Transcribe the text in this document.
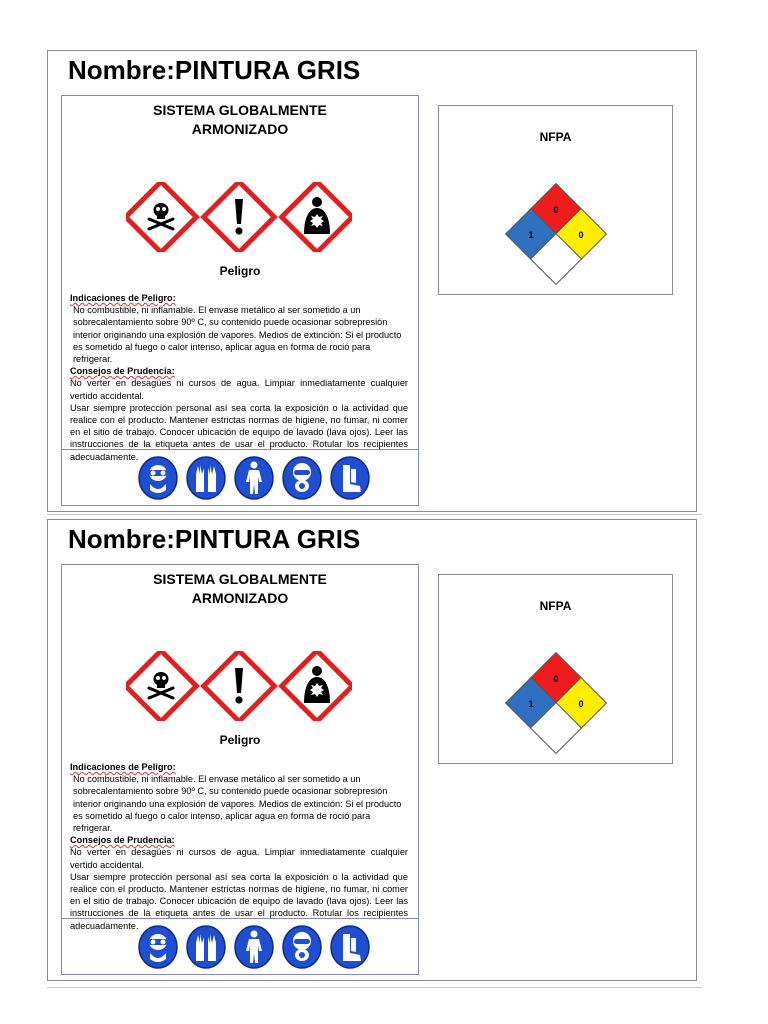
Nombre:PINTURA GRIS
SISTEMA GLOBALMENTE
ARMONIZADO
Peligro

Indicaciones de Peligro:

No combustible, ni inflamable. El envase metálico al ser sometido a un sobrecalentamiento sobre 90º C, su contenido puede ocasionar sobrepresión interior originando una explosión de vapores. Medios de extinción: Si el producto es sometido al fuego o calor intenso, aplicar agua en forma de roció para refrigerar.

Consejos de Prudencia:

No verter en desagües ni cursos de agua. Limpiar inmediatamente cualquier vertido accidental.

Usar siempre protección personal así sea corta la exposición o la actividad que realice con el producto. Mantener estrictas normas de higiene, no fumar, ni comer en el sitio de trabajo. Conocer ubicación de equipo de lavado (lava ojos). Leer las instrucciones de la etiqueta antes de usar el producto. Rotular los recipientes adecuadamente.

NFPA
0
1	0
Nombre:PINTURA GRIS
SISTEMA GLOBALMENTE
ARMONIZADO
Peligro

Indicaciones de Peligro:

No combustible, ni inflamable. El envase metálico al ser sometido a un sobrecalentamiento sobre 90º C, su contenido puede ocasionar sobrepresión interior originando una explosión de vapores. Medios de extinción: Si el producto es sometido al fuego o calor intenso, aplicar agua en forma de roció para refrigerar.

Consejos de Prudencia:

No verter en desagües ni cursos de agua. Limpiar inmediatamente cualquier vertido accidental.

Usar siempre protección personal así sea corta la exposición o la actividad que realice con el producto. Mantener estrictas normas de higiene, no fumar, ni comer en el sitio de trabajo. Conocer ubicación de equipo de lavado (lava ojos). Leer las instrucciones de la etiqueta antes de usar el producto. Rotular los recipientes adecuadamente.

NFPA
0
1	0
